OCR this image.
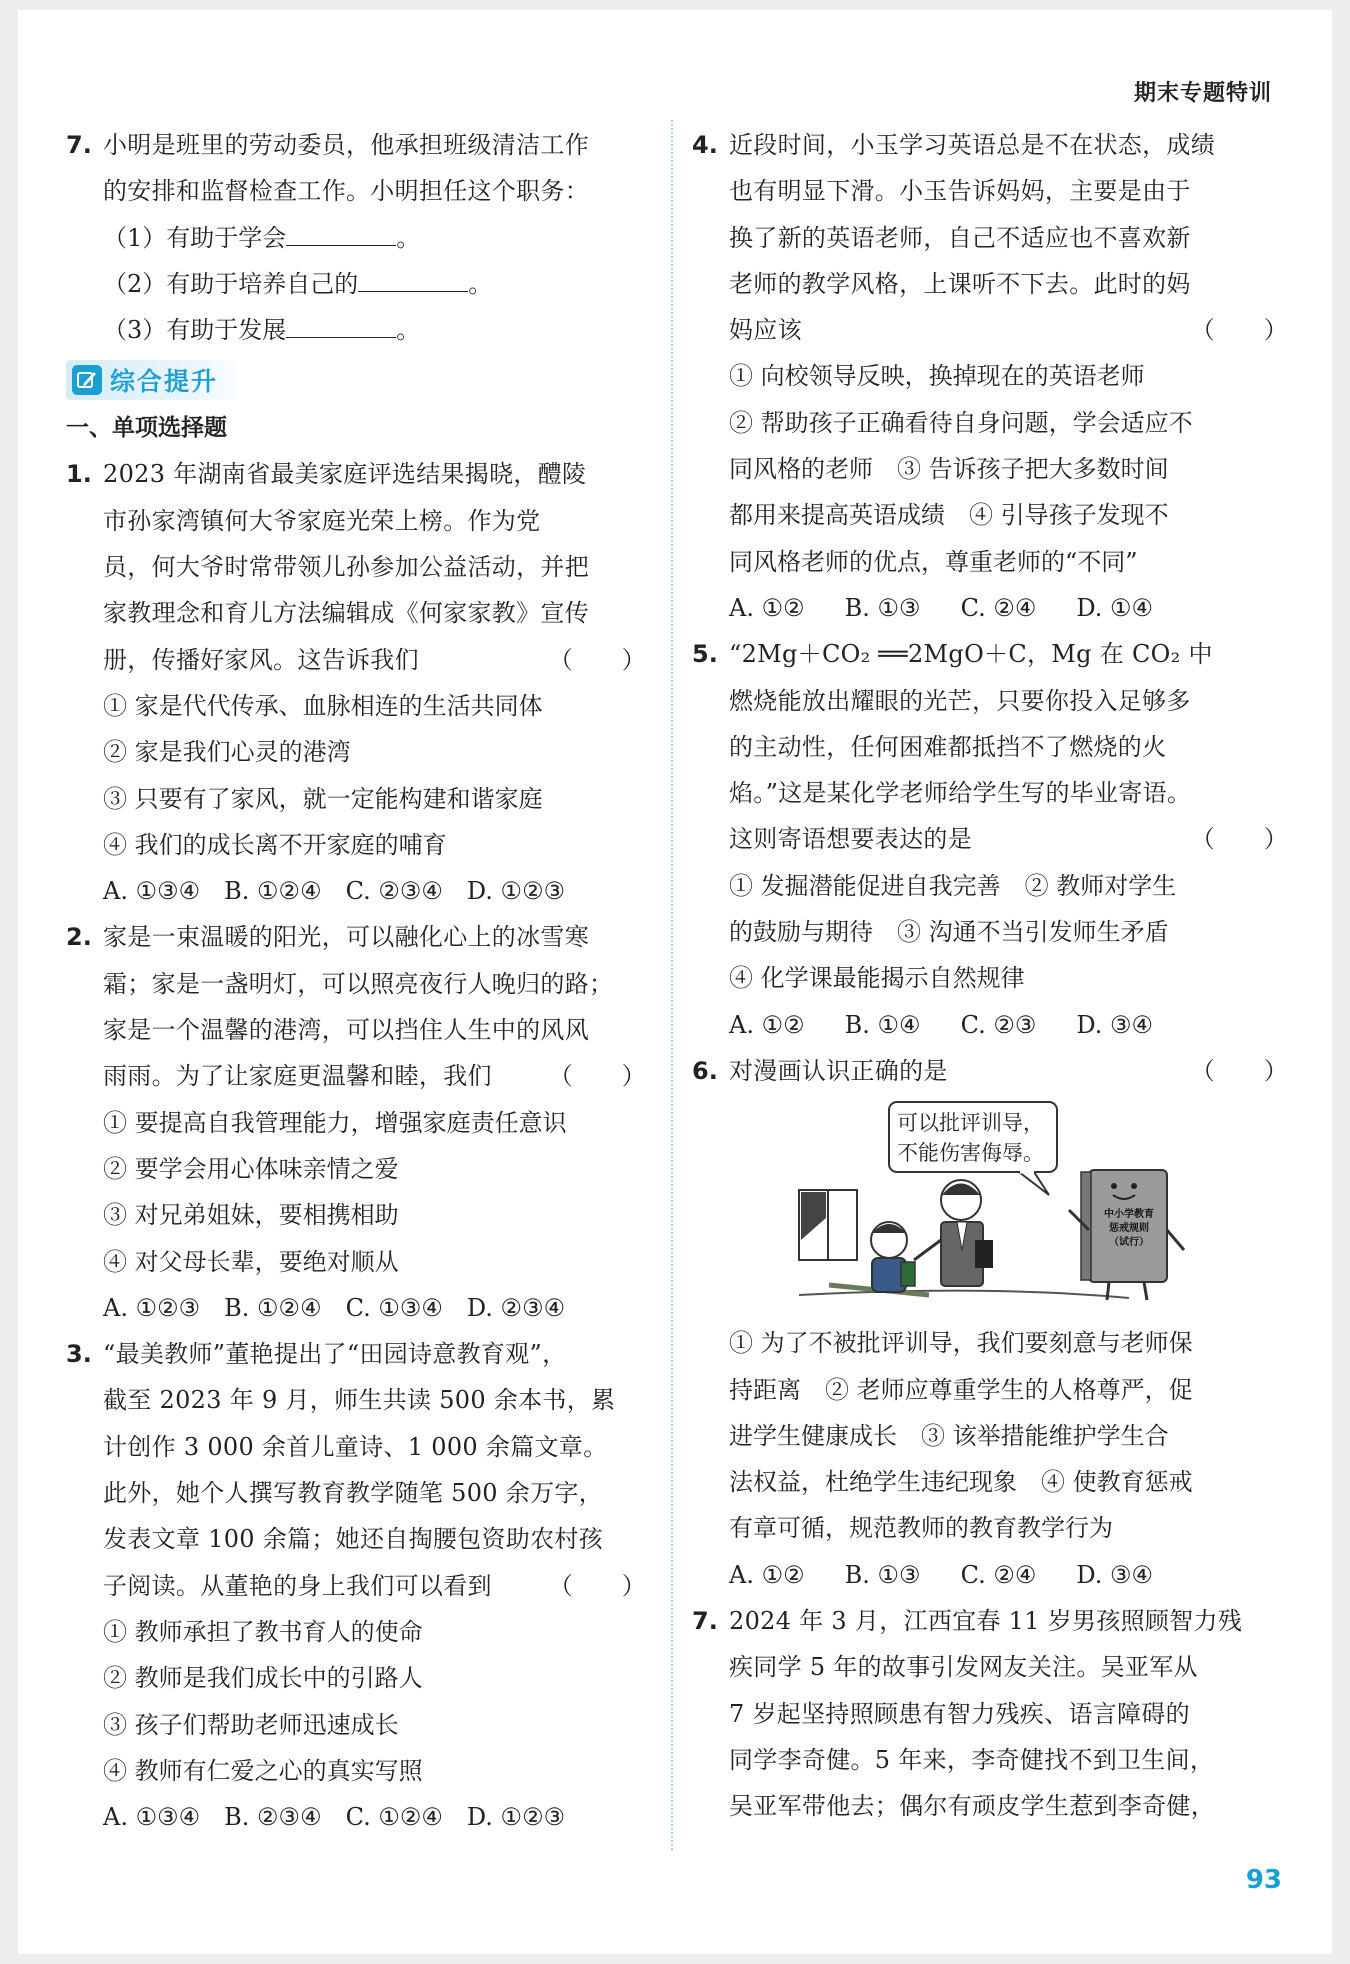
期末专题特训
7. 小明是班里的劳动委员，他承担班级清洁工作

的安排和监督检查工作。小明担任这个职务：

（1）有助于学会	。

（2）有助于培养自己的	。

（3）有助于发展	。

综合提升
一、单项选择题
1. 2023 年湖南省最美家庭评选结果揭晓，醴陵

市孙家湾镇何大爷家庭光荣上榜。作为党

员，何大爷时常带领儿孙参加公益活动，并把

家教理念和育儿方法编辑成《何家家教》宣传

册，传播好家风。这告诉我们	（　　）

① 家是代代传承、血脉相连的生活共同体

② 家是我们心灵的港湾

③ 只要有了家风，就一定能构建和谐家庭

④ 我们的成长离不开家庭的哺育

A. ①③④ B. ①②④ C. ②③④ D. ①②③
2. 家是一束温暖的阳光，可以融化心上的冰雪寒

霜；家是一盏明灯，可以照亮夜行人晚归的路；

家是一个温馨的港湾，可以挡住人生中的风风

雨雨。为了让家庭更温馨和睦，我们 （　　）

① 要提高自我管理能力，增强家庭责任意识

② 要学会用心体味亲情之爱

③ 对兄弟姐妹，要相携相助

④ 对父母长辈，要绝对顺从

A. ①②③ B. ①②④ C. ①③④ D. ②③④
3. “最美教师”董艳提出了“田园诗意教育观”，

截至 2023 年 9 月，师生共读 500 余本书，累

计创作 3 000 余首儿童诗、1 000 余篇文章。

此外，她个人撰写教育教学随笔 500 余万字，

发表文章 100 余篇；她还自掏腰包资助农村孩

子阅读。从董艳的身上我们可以看到 （　　）

① 教师承担了教书育人的使命

② 教师是我们成长中的引路人

③ 孩子们帮助老师迅速成长

④ 教师有仁爱之心的真实写照

A. ①③④ B. ②③④ C. ①②④ D. ①②③
4. 近段时间，小玉学习英语总是不在状态，成绩

也有明显下滑。小玉告诉妈妈，主要是由于

换了新的英语老师，自己不适应也不喜欢新

老师的教学风格，上课听不下去。此时的妈

妈应该	（　　）

① 向校领导反映，换掉现在的英语老师

② 帮助孩子正确看待自身问题，学会适应不

同风格的老师　③ 告诉孩子把大多数时间

都用来提高英语成绩　④ 引导孩子发现不

同风格老师的优点，尊重老师的“不同”

A. ①② B. ①③ C. ②④ D. ①④
5. “2Mg＋CO₂ ══2MgO＋C，Mg 在 CO₂ 中

燃烧能放出耀眼的光芒，只要你投入足够多

的主动性，任何困难都抵挡不了燃烧的火

焰。”这是某化学老师给学生写的毕业寄语。

这则寄语想要表达的是	（　　）

① 发掘潜能促进自我完善　② 教师对学生

的鼓励与期待　③ 沟通不当引发师生矛盾

④ 化学课最能揭示自然规律

A. ①② B. ①④ C. ②③ D. ③④
6. 对漫画认识正确的是	（　　）

可以批评训导，
不能伤害侮辱。
中小学教育
惩戒规则
（试行）

① 为了不被批评训导，我们要刻意与老师保

持距离　② 老师应尊重学生的人格尊严，促

进学生健康成长　③ 该举措能维护学生合

法权益，杜绝学生违纪现象　④ 使教育惩戒

有章可循，规范教师的教育教学行为

A. ①② B. ①③ C. ②④ D. ③④
7. 2024 年 3 月，江西宜春 11 岁男孩照顾智力残

疾同学 5 年的故事引发网友关注。吴亚军从

7 岁起坚持照顾患有智力残疾、语言障碍的

同学李奇健。5 年来，李奇健找不到卫生间，

吴亚军带他去；偶尔有顽皮学生惹到李奇健，

93
